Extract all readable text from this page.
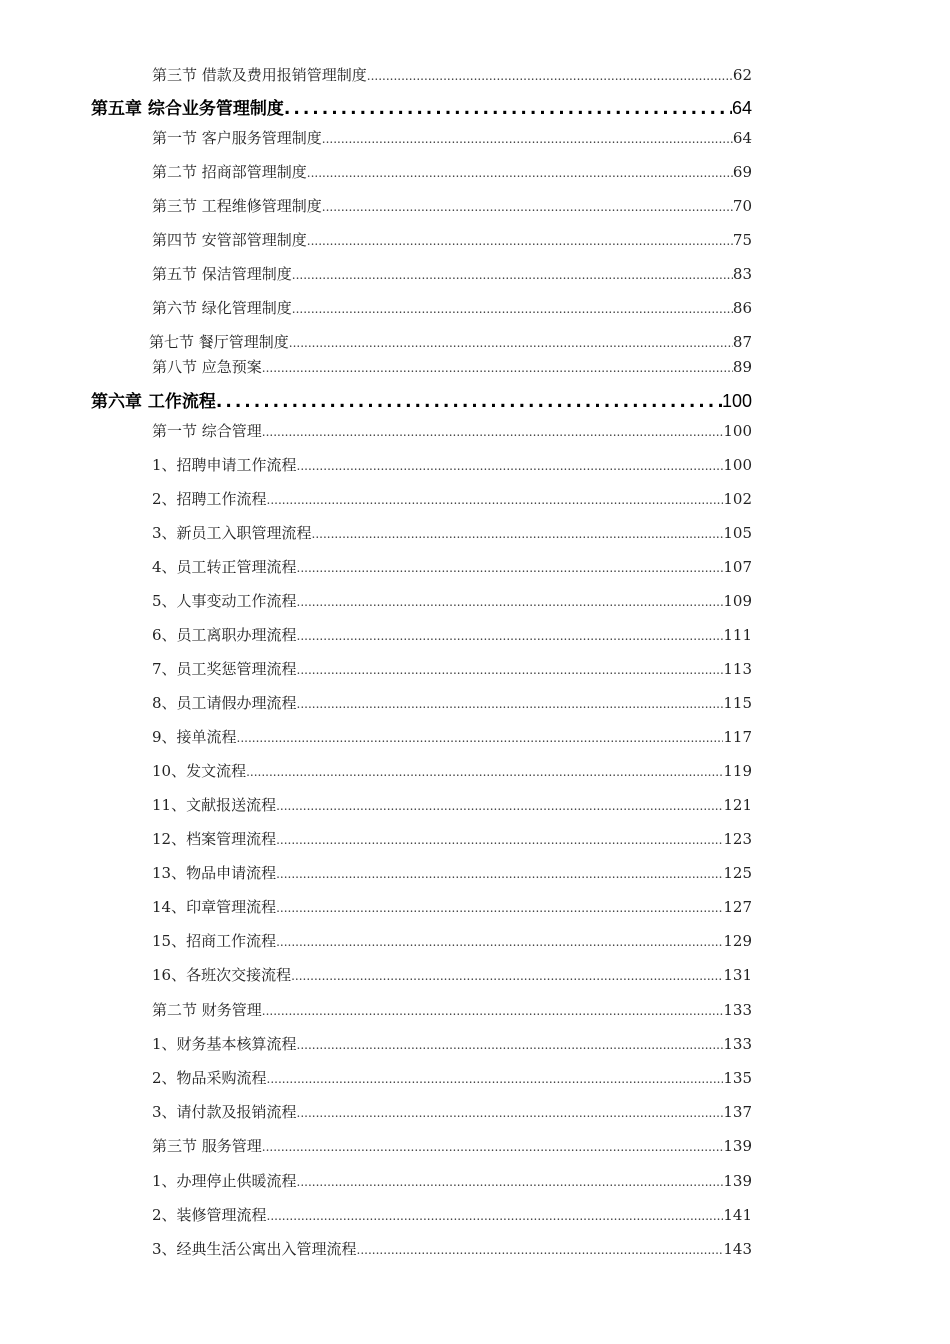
第三节 借款及费用报销管理制度 .....	62
第五章 综合业务管理制度 .....	64
第一节 客户服务管理制度 .....	64
第二节 招商部管理制度 .....	69
第三节 工程维修管理制度 .....	70
第四节 安管部管理制度 .....	75
第五节 保洁管理制度 .....	83
第六节 绿化管理制度 .....	86
第七节 餐厅管理制度 .....	87
第八节 应急预案 .....	89
第六章 工作流程 .....	100
第一节 综合管理 .....	100
1、招聘申请工作流程 .....	100
2、招聘工作流程 .....	102
3、新员工入职管理流程 .....	105
4、员工转正管理流程 .....	107
5、人事变动工作流程 .....	109
6、员工离职办理流程 .....	111
7、员工奖惩管理流程 .....	113
8、员工请假办理流程 .....	115
9、接单流程 .....	117
10、发文流程 .....	119
11、文献报送流程 .....	121
12、档案管理流程 .....	123
13、物品申请流程 .....	125
14、印章管理流程 .....	127
15、招商工作流程 .....	129
16、各班次交接流程 .....	131
第二节 财务管理 .....	133
1、财务基本核算流程 .....	133
2、物品采购流程 .....	135
3、请付款及报销流程 .....	137
第三节 服务管理 .....	139
1、办理停止供暖流程 .....	139
2、装修管理流程 .....	141
3、经典生活公寓出入管理流程 .....	143
